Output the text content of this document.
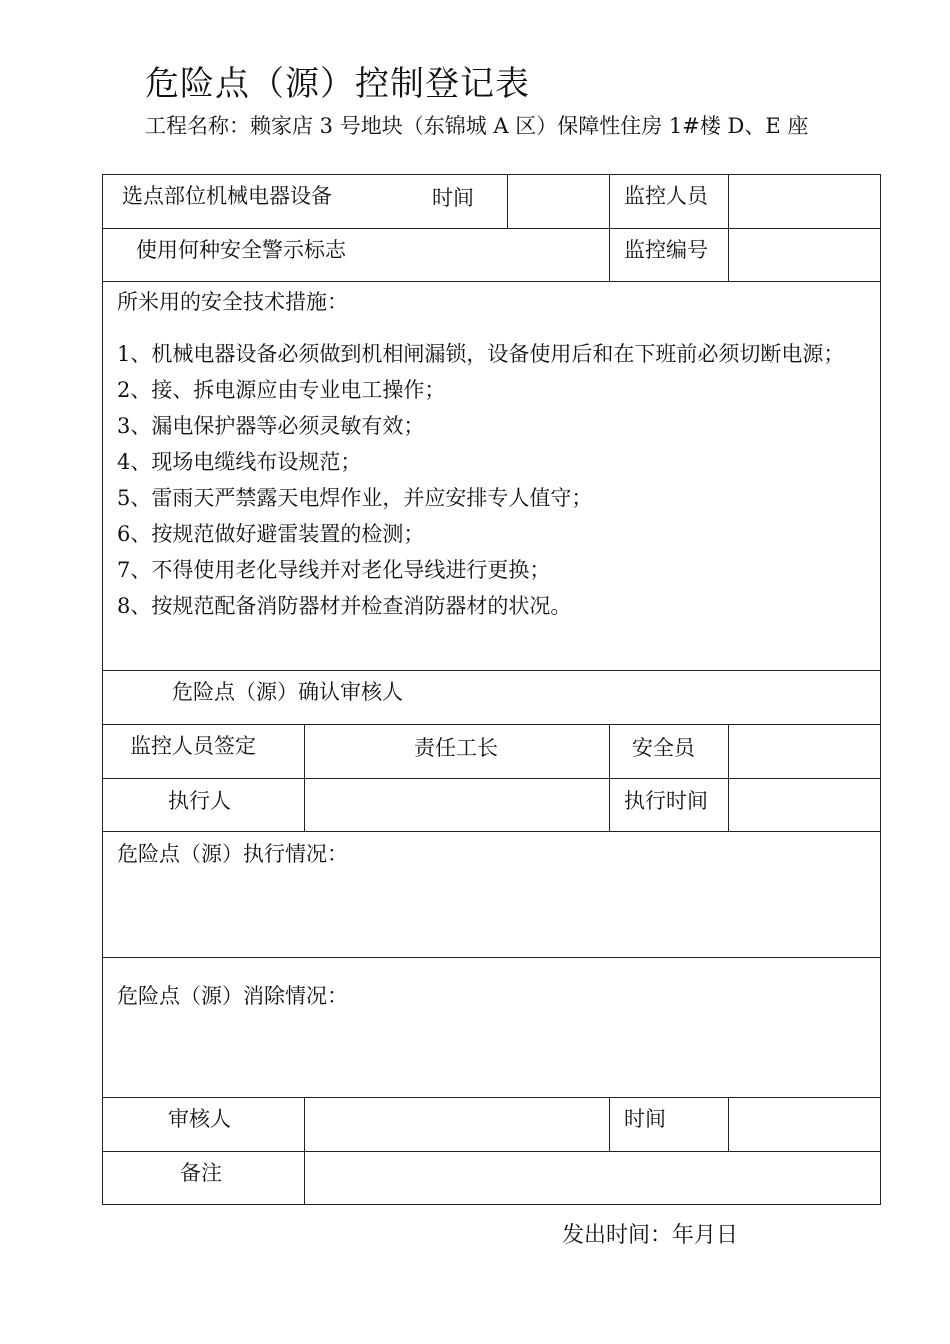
危险点（源）控制登记表
工程名称：赖家店 3 号地块（东锦城 A 区）保障性住房 1#楼 D、E 座
选点部位机械电器设备	时间	监控人员
使用何种安全警示标志	监控编号
所米用的安全技术措施：
1、机械电器设备必须做到机相闸漏锁，设备使用后和在下班前必须切断电源；
2、接、拆电源应由专业电工操作；
3、漏电保护器等必须灵敏有效；
4、现场电缆线布设规范；
5、雷雨天严禁露天电焊作业，并应安排专人值守；
6、按规范做好避雷装置的检测；
7、不得使用老化导线并对老化导线进行更换；
8、按规范配备消防器材并检查消防器材的状况。
危险点（源）确认审核人
监控人员签定	责任工长	安全员
执行人	执行时间
危险点（源）执行情况：
危险点（源）消除情况：
审核人	时间
备注
发出时间：年月日
